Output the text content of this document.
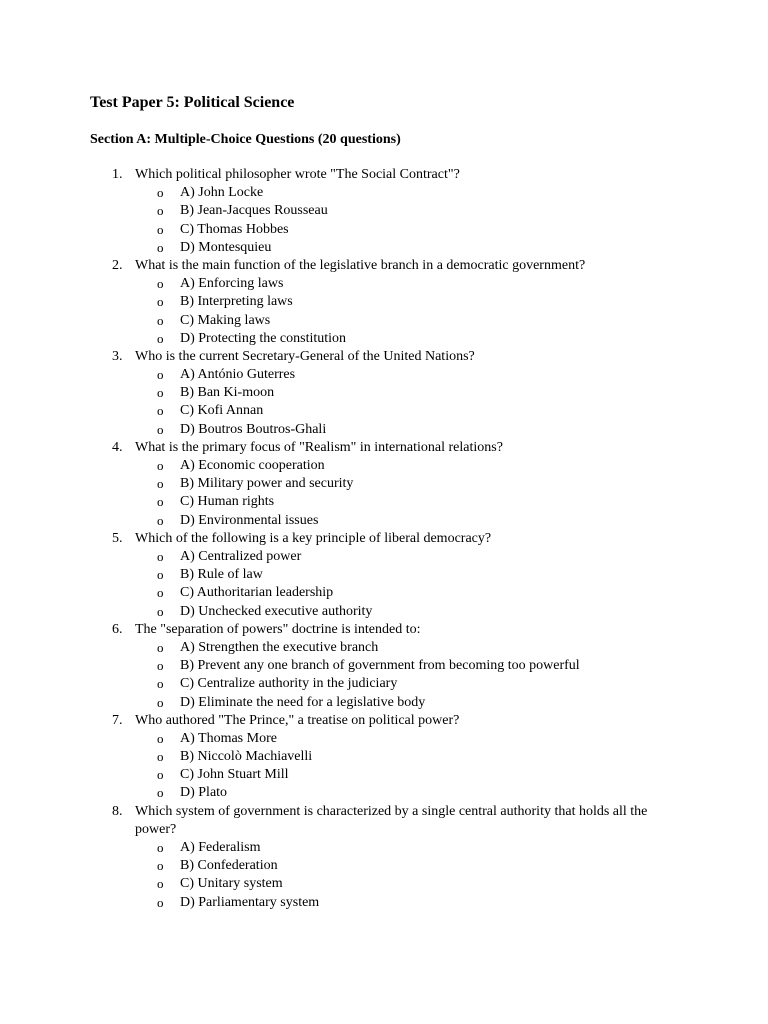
Test Paper 5: Political Science
Section A: Multiple-Choice Questions (20 questions)
1. Which political philosopher wrote "The Social Contract"?
o A) John Locke
o B) Jean-Jacques Rousseau
o C) Thomas Hobbes
o D) Montesquieu
2. What is the main function of the legislative branch in a democratic government?
o A) Enforcing laws
o B) Interpreting laws
o C) Making laws
o D) Protecting the constitution
3. Who is the current Secretary-General of the United Nations?
o A) António Guterres
o B) Ban Ki-moon
o C) Kofi Annan
o D) Boutros Boutros-Ghali
4. What is the primary focus of "Realism" in international relations?
o A) Economic cooperation
o B) Military power and security
o C) Human rights
o D) Environmental issues
5. Which of the following is a key principle of liberal democracy?
o A) Centralized power
o B) Rule of law
o C) Authoritarian leadership
o D) Unchecked executive authority
6. The "separation of powers" doctrine is intended to:
o A) Strengthen the executive branch
o B) Prevent any one branch of government from becoming too powerful
o C) Centralize authority in the judiciary
o D) Eliminate the need for a legislative body
7. Who authored "The Prince," a treatise on political power?
o A) Thomas More
o B) Niccolò Machiavelli
o C) John Stuart Mill
o D) Plato
8. Which system of government is characterized by a single central authority that holds all the power?
o A) Federalism
o B) Confederation
o C) Unitary system
o D) Parliamentary system
